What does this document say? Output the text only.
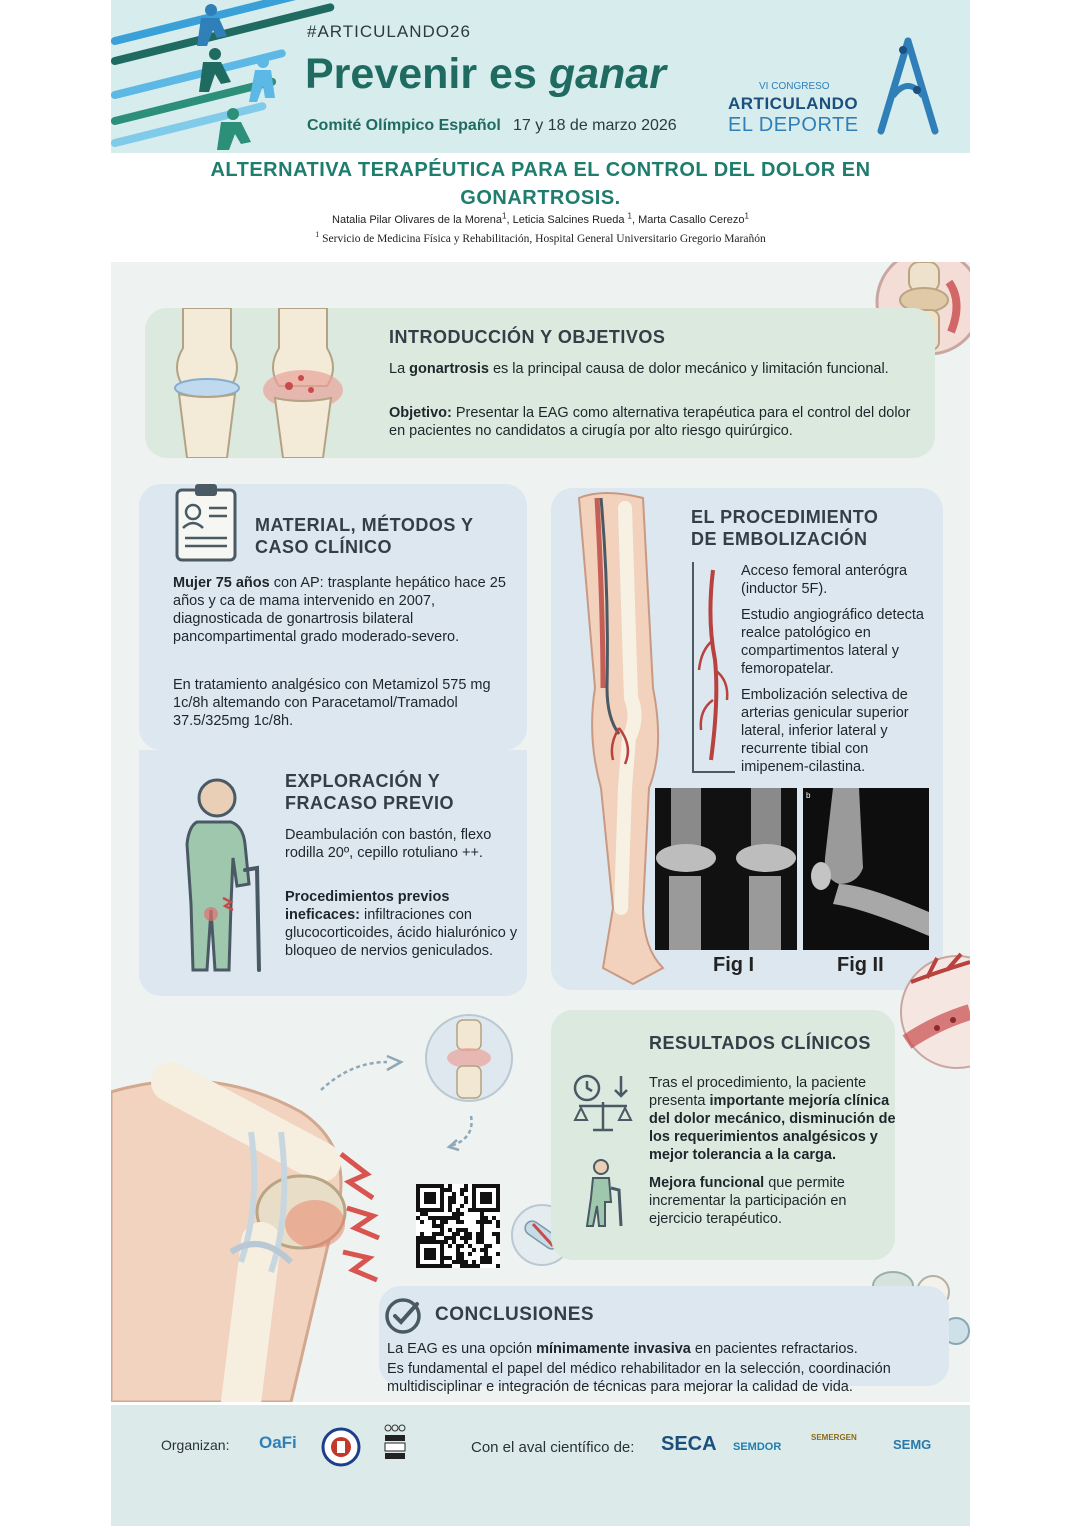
#ARTICULANDO26
Prevenir es ganar
Comité Olímpico Español 17 y 18 de marzo 2026
VI CONGRESO
ARTICULANDO
EL DEPORTE
ALTERNATIVA TERAPÉUTICA PARA EL CONTROL DEL DOLOR EN
GONARTROSIS.
Natalia Pilar Olivares de la Morena$^1$, Leticia Salcines Rueda $^1$, Marta Casallo Cerezo$^1$
$^1$ Servicio de Medicina Física y Rehabilitación, Hospital General Universitario Gregorio Marañón
INTRODUCCIÓN Y OBJETIVOS
La gonartrosis es la principal causa de dolor mecánico y limitación funcional.
Objetivo: Presentar la EAG como alternativa terapéutica para el control del dolor en pacientes no candidatos a cirugía por alto riesgo quirúrgico.
MATERIAL, MÉTODOS Y
CASO CLÍNICO
Mujer 75 años con AP: trasplante hepático hace 25 años y ca de mama intervenido en 2007, diagnosticada de gonartrosis bilateral pancompartimental grado moderado-severo.
En tratamiento analgésico con Metamizol 575 mg 1c/8h altemando con Paracetamol/Tramadol 37.5/325mg 1c/8h.
EXPLORACIÓN Y
FRACASO PREVIO
Deambulación con bastón, flexo rodilla 20º, cepillo rotuliano ++.
Procedimientos previos ineficaces: infiltraciones con glucocorticoides, ácido hialurónico y bloqueo de nervios geniculados.
EL PROCEDIMIENTO
DE EMBOLIZACIÓN
Acceso femoral anterógra (inductor 5F).
Estudio angiográfico detecta realce patológico en compartimentos lateral y femoropatelar.
Embolización selectiva de arterias genicular superior lateral, inferior lateral y recurrente tibial con imipenem-cilastina.
b
Fig I	Fig II
RESULTADOS CLÍNICOS
Tras el procedimiento, la paciente presenta importante mejoría clínica del dolor mecánico, disminución de los requerimientos analgésicos y mejor tolerancia a la carga.
Mejora funcional que permite incrementar la participación en ejercicio terapéutico.
CONCLUSIONES
La EAG es una opción mínimamente invasiva en pacientes refractarios.
Es fundamental el papel del médico rehabilitador en la selección, coordinación multidisciplinar e integración de técnicas para mejorar la calidad de vida.
Organizan: OaFi	Con el aval científico de: SECA SEMDOR
SEMERGEN	SEMG
